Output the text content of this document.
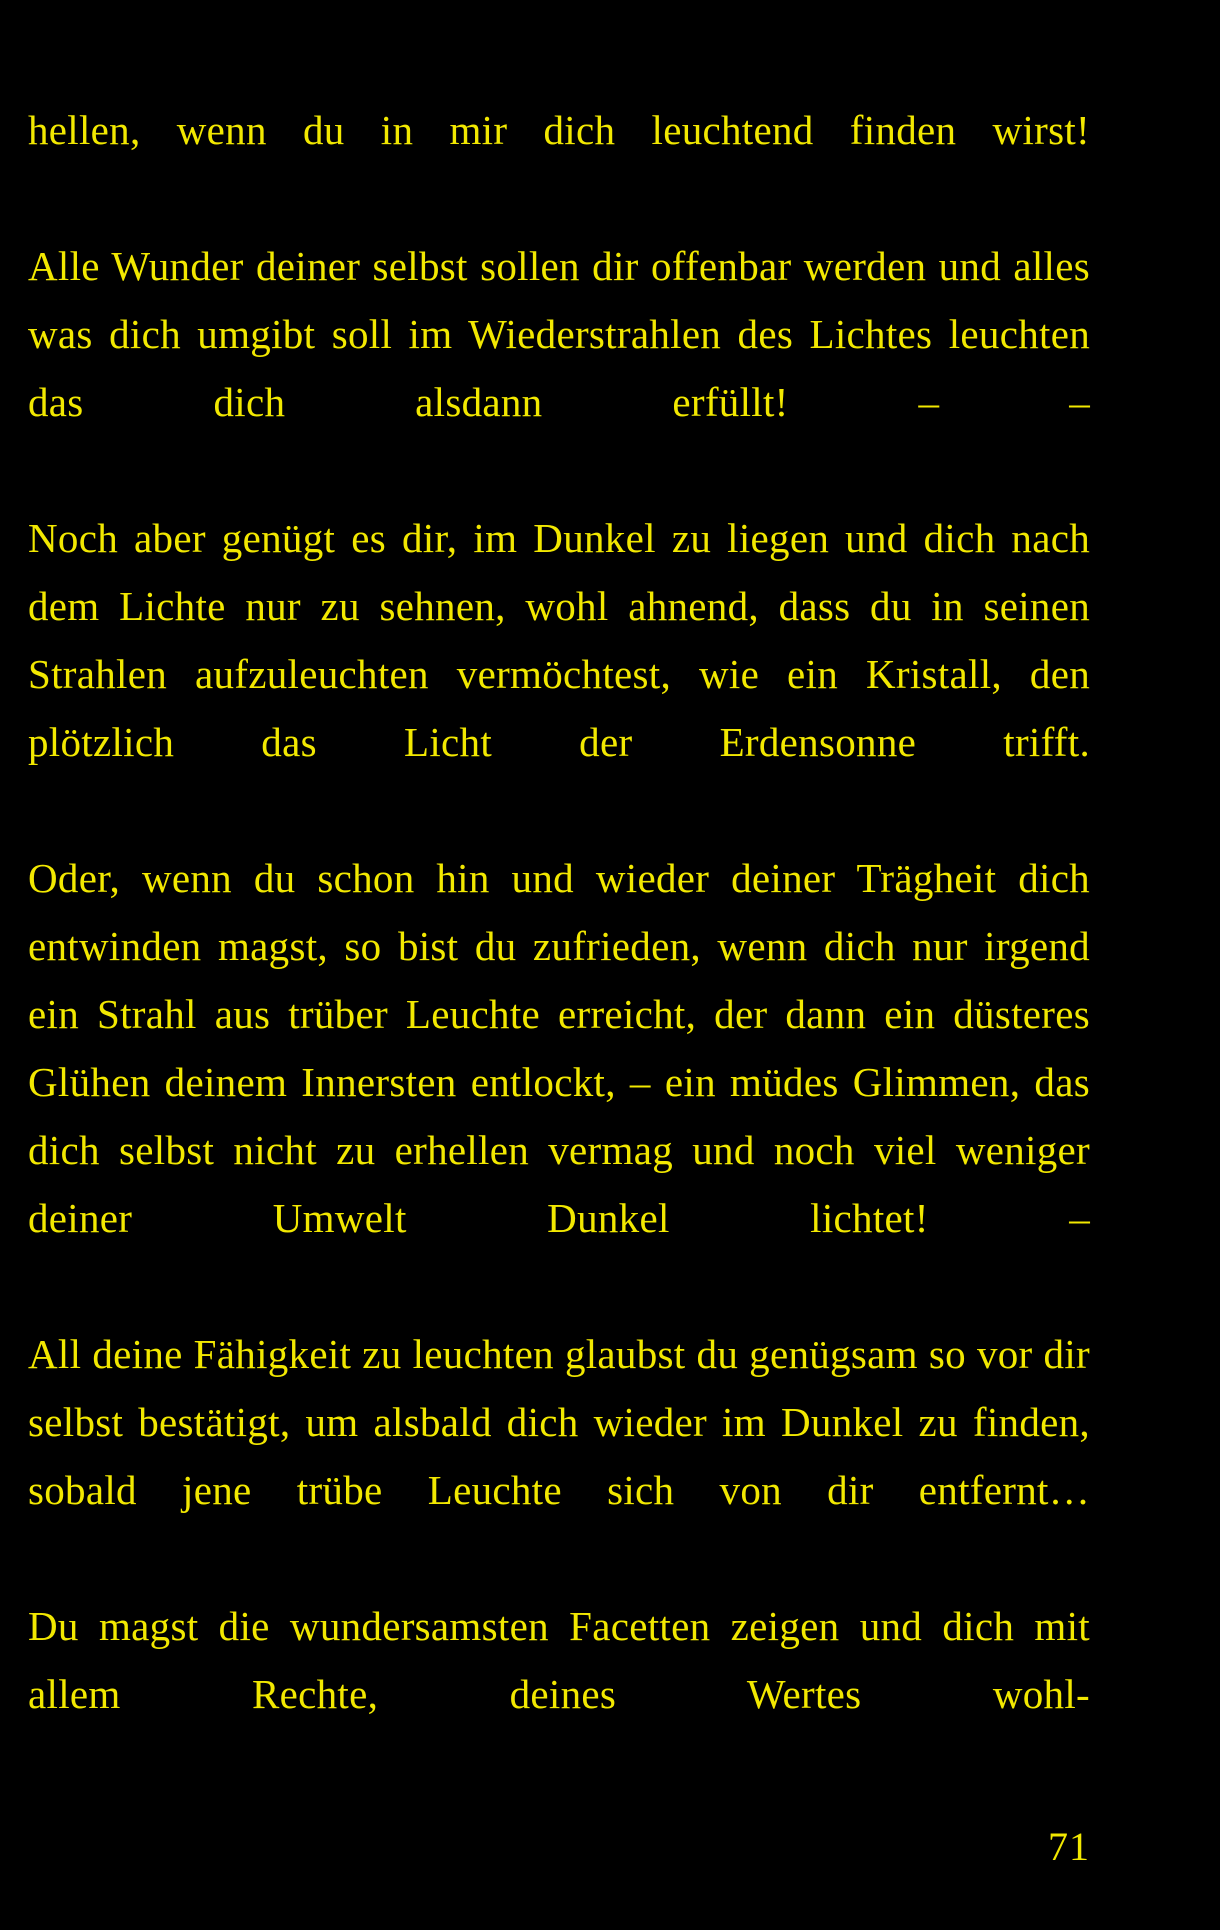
hellen, wenn du in mir dich leuchtend finden wirst!

Alle Wunder deiner selbst sollen dir offenbar werden und alles was dich umgibt soll im Wiederstrahlen des Lichtes leuchten das dich alsdann erfüllt! – –

Noch aber genügt es dir, im Dunkel zu liegen und dich nach dem Lichte nur zu sehnen, wohl ahnend, dass du in seinen Strahlen aufzuleuchten vermöchtest, wie ein Kristall, den plötzlich das Licht der Erdensonne trifft.

Oder, wenn du schon hin und wieder deiner Trägheit dich entwinden magst, so bist du zufrieden, wenn dich nur irgend ein Strahl aus trüber Leuchte erreicht, der dann ein düsteres Glühen deinem Innersten entlockt, – ein müdes Glimmen, das dich selbst nicht zu erhellen vermag und noch viel weniger deiner Umwelt Dunkel lichtet! –

All deine Fähigkeit zu leuchten glaubst du genügsam so vor dir selbst bestätigt, um alsbald dich wieder im Dunkel zu finden, sobald jene trübe Leuchte sich von dir entfernt…

Du magst die wundersamsten Facetten zeigen und dich mit allem Rechte, deines Wertes wohl-

71
